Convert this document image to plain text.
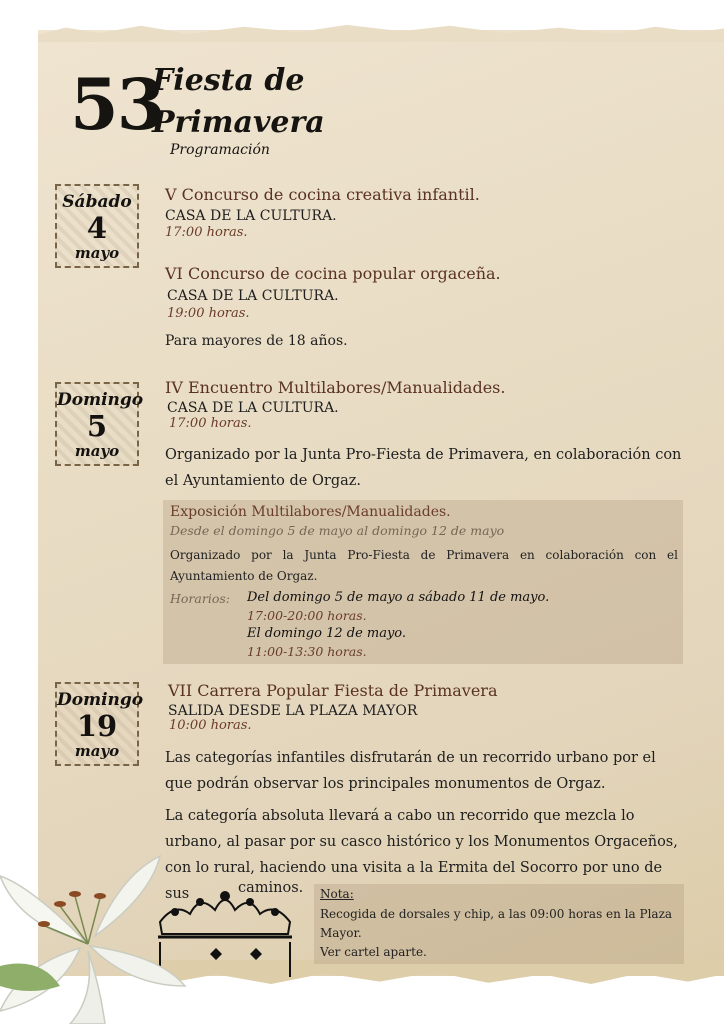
53
Fiesta de
Primavera
Programación
Sábado
4
mayo
V Concurso de cocina creativa infantil.
CASA DE LA CULTURA.
17:00 horas.
VI Concurso de cocina popular orgaceña.
CASA DE LA CULTURA.
19:00 horas.
Para mayores de 18 años.
Domingo
5
mayo
IV Encuentro Multilabores/Manualidades.
CASA DE LA CULTURA.
17:00 horas.
Organizado por la Junta Pro-Fiesta de Primavera, en colaboración con el Ayuntamiento de Orgaz.
Exposición Multilabores/Manualidades.
Desde el domingo 5 de mayo al domingo 12 de mayo
Organizado por la Junta Pro-Fiesta de Primavera en colaboración con el Ayuntamiento de Orgaz.
Horarios: Del domingo 5 de mayo a sábado 11 de mayo.
17:00-20:00 horas.
El domingo 12 de mayo.
11:00-13:30 horas.
Domingo
19
mayo
VII Carrera Popular Fiesta de Primavera
SALIDA DESDE LA PLAZA MAYOR
10:00 horas.
Las categorías infantiles disfrutarán de un recorrido urbano por el que podrán observar los principales monumentos de Orgaz.
La categoría absoluta llevará a cabo un recorrido que mezcla lo urbano, al pasar por su casco histórico y los Monumentos Orgaceños, con lo rural, haciendo una visita a la Ermita del Socorro por uno de sus	caminos. Nota:
Recogida de dorsales y chip, a las 09:00 horas en la Plaza Mayor.
Ver cartel aparte.
